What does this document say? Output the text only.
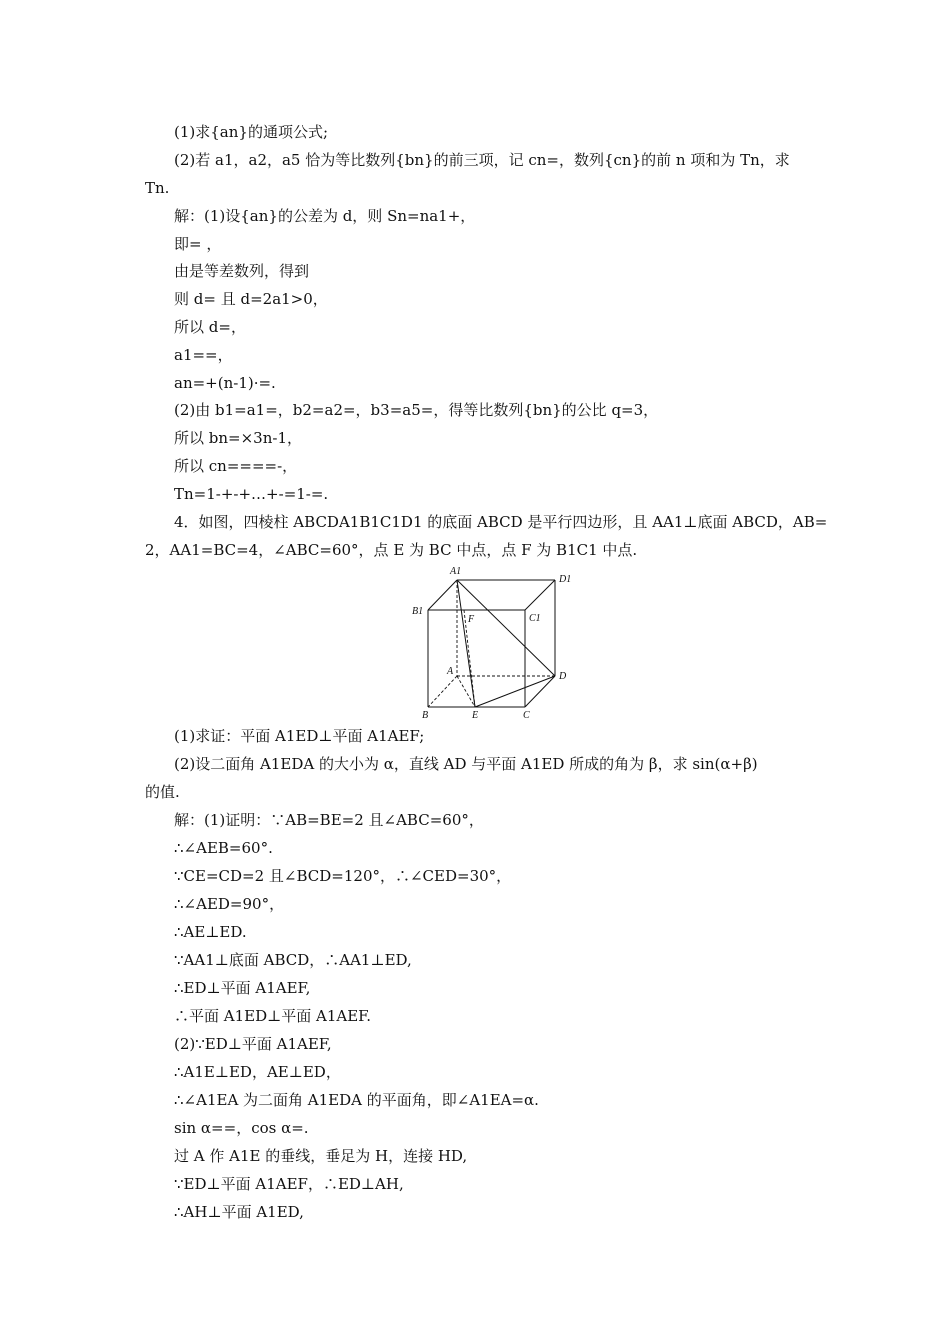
(1)求{an}的通项公式;
(2)若 a1，a2，a5 恰为等比数列{bn}的前三项，记 cn=，数列{cn}的前 n 项和为 Tn，求
Tn.
解：(1)设{an}的公差为 d，则 Sn=na1+，
即= ，
由是等差数列，得到
则 d= 且 d=2a1>0，
所以 d=，
a1==，
an=+(n-1)·=.
(2)由 b1=a1=，b2=a2=，b3=a5=，得等比数列{bn}的公比 q=3，
所以 bn=×3n-1，
所以 cn====-，
Tn=1-+-+…+-=1-=.
4．如图，四棱柱 ABCDA1B1C1D1 的底面 ABCD 是平行四边形，且 AA1⊥底面 ABCD，AB=
2，AA1=BC=4，∠ABC=60°，点 E 为 BC 中点，点 F 为 B1C1 中点.
A1
D1
B1
C1
F
A	D
B	E	C
(1)求证：平面 A1ED⊥平面 A1AEF;
(2)设二面角 A1EDA 的大小为 α，直线 AD 与平面 A1ED 所成的角为 β，求 sin(α+β)
的值.
解：(1)证明：∵AB=BE=2 且∠ABC=60°，
∴∠AEB=60°.
∵CE=CD=2 且∠BCD=120°，∴∠CED=30°，
∴∠AED=90°，
∴AE⊥ED.
∵AA1⊥底面 ABCD，∴AA1⊥ED,
∴ED⊥平面 A1AEF,
∴平面 A1ED⊥平面 A1AEF.
(2)∵ED⊥平面 A1AEF,
∴A1E⊥ED，AE⊥ED，
∴∠A1EA 为二面角 A1EDA 的平面角，即∠A1EA=α.
sin α==，cos α=.
过 A 作 A1E 的垂线，垂足为 H，连接 HD,
∵ED⊥平面 A1AEF，∴ED⊥AH,
∴AH⊥平面 A1ED,
